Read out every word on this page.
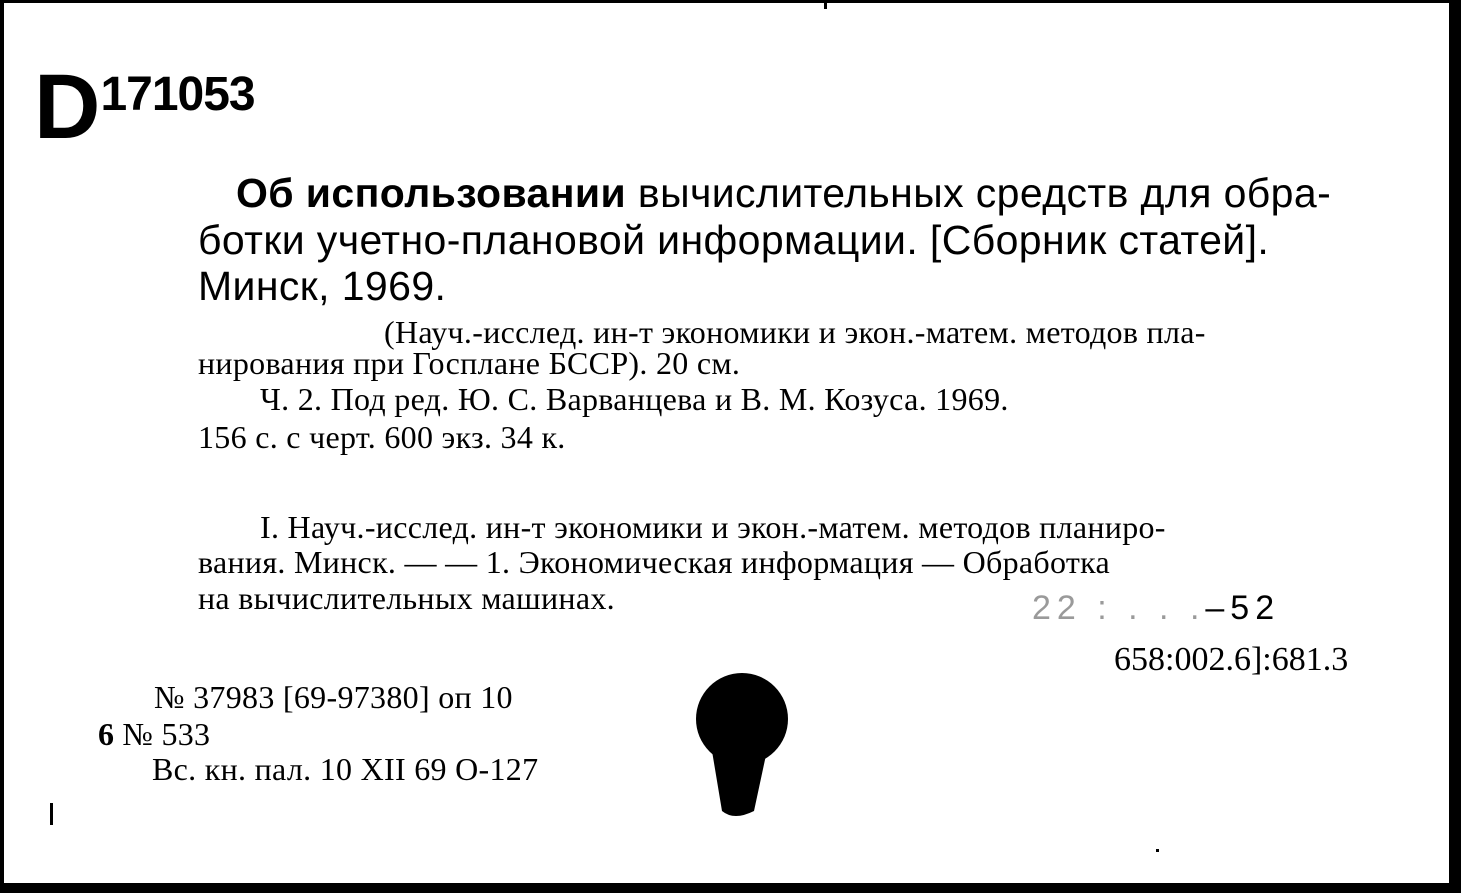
D171053
Об использовании вычислительных средств для обра-
ботки учетно-плановой информации. [Сборник статей].
Минск, 1969.
(Науч.-исслед. ин-т экономики и экон.-матем. методов пла-
нирования при Госплане БССР). 20 см.
Ч. 2. Под ред. Ю. С. Варванцева и В. М. Козуса. 1969.
156 с. с черт. 600 экз. 34 к.
I. Науч.-исслед. ин-т экономики и экон.-матем. методов планиро-
вания. Минск. — — 1. Экономическая информация — Обработка
на вычислительных машинах.	22 : . . .–52
658:002.6]:681.3
№ 37983 [69-97380] оп 10
6 № 533
Вс. кн. пал. 10 XII 69 О-127
